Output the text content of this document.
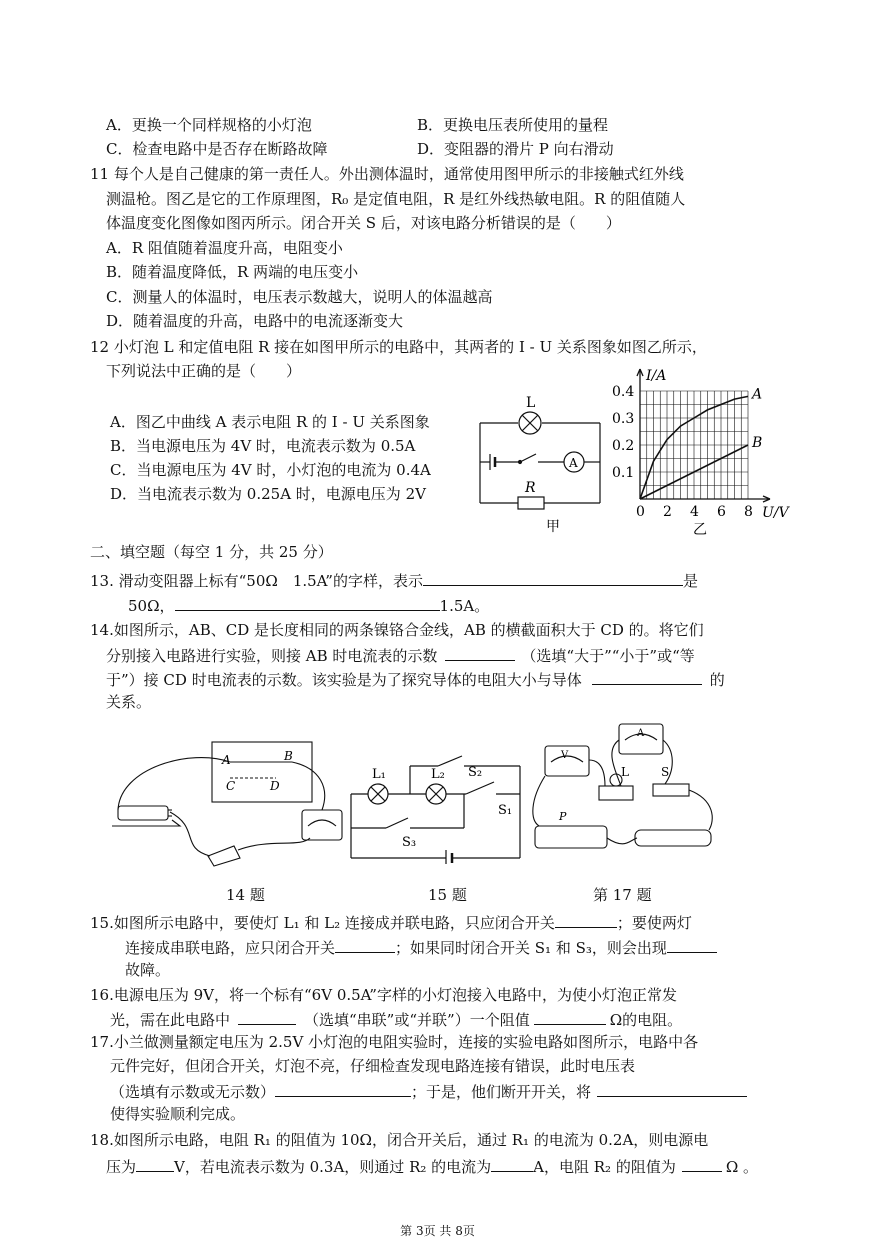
A．更换一个同样规格的小灯泡	B．更换电压表所使用的量程
C．检查电路中是否存在断路故障	D．变阻器的滑片 P 向右滑动
11 每个人是自己健康的第一责任人。外出测体温时，通常使用图甲所示的非接触式红外线
测温枪。图乙是它的工作原理图，R₀ 是定值电阻，R 是红外线热敏电阻。R 的阻值随人
体温度变化图像如图丙所示。闭合开关 S 后，对该电路分析错误的是（　　）
A．R 阻值随着温度升高，电阻变小
B．随着温度降低，R 两端的电压变小
C．测量人的体温时，电压表示数越大，说明人的体温越高
D．随着温度的升高，电路中的电流逐渐变大
12 小灯泡 L 和定值电阻 R 接在如图甲所示的电路中，其两者的 I - U 关系图象如图乙所示，
下列说法中正确的是（　　）
A．图乙中曲线 A 表示电阻 R 的 I - U 关系图象
B．当电源电压为 4V 时，电流表示数为 0.5A
C．当电源电压为 4V 时，小灯泡的电流为 0.4A
D．当电流表示数为 0.25A 时，电源电压为 2V
L
A
R
甲
A
B
0 2 4 6 8
0.1
0.2
0.3
0.4
I/A
U/V
乙
二、填空题（每空 1 分，共 25 分）
13. 滑动变阻器上标有“50Ω　1.5A”的字样，表示	是
50Ω，	1.5A。
14.如图所示，AB、CD 是长度相同的两条镍铬合金线，AB 的横截面积大于 CD 的。将它们
分别接入电路进行实验，则接 AB 时电流表的示数	（选填“大于”“小于”或“等
于”）接 CD 时电流表的示数。该实验是为了探究导体的电阻大小与导体	的
关系。
A	B
C	D
L₁	L₂
S₁
S₂
S₃
V
A
L	S
P
14 题	15 题	第 17 题
15.如图所示电路中，要使灯 L₁ 和 L₂ 连接成并联电路，只应闭合开关	；要使两灯
连接成串联电路，应只闭合开关	；如果同时闭合开关 S₁ 和 S₃，则会出现
故障。
16.电源电压为 9V，将一个标有“6V 0.5A”字样的小灯泡接入电路中，为使小灯泡正常发
光，需在此电路中	（选填“串联”或“并联”）一个阻值	Ω的电阻。
17.小兰做测量额定电压为 2.5V 小灯泡的电阻实验时，连接的实验电路如图所示，电路中各
元件完好，但闭合开关，灯泡不亮，仔细检查发现电路连接有错误，此时电压表
（选填有示数或无示数）	；于是，他们断开开关，将
使得实验顺利完成。
18.如图所示电路，电阻 R₁ 的阻值为 10Ω，闭合开关后，通过 R₁ 的电流为 0.2A，则电源电
压为	V，若电流表示数为 0.3A，则通过 R₂ 的电流为	A，电阻 R₂ 的阻值为	Ω 。
第 3页 共 8页
